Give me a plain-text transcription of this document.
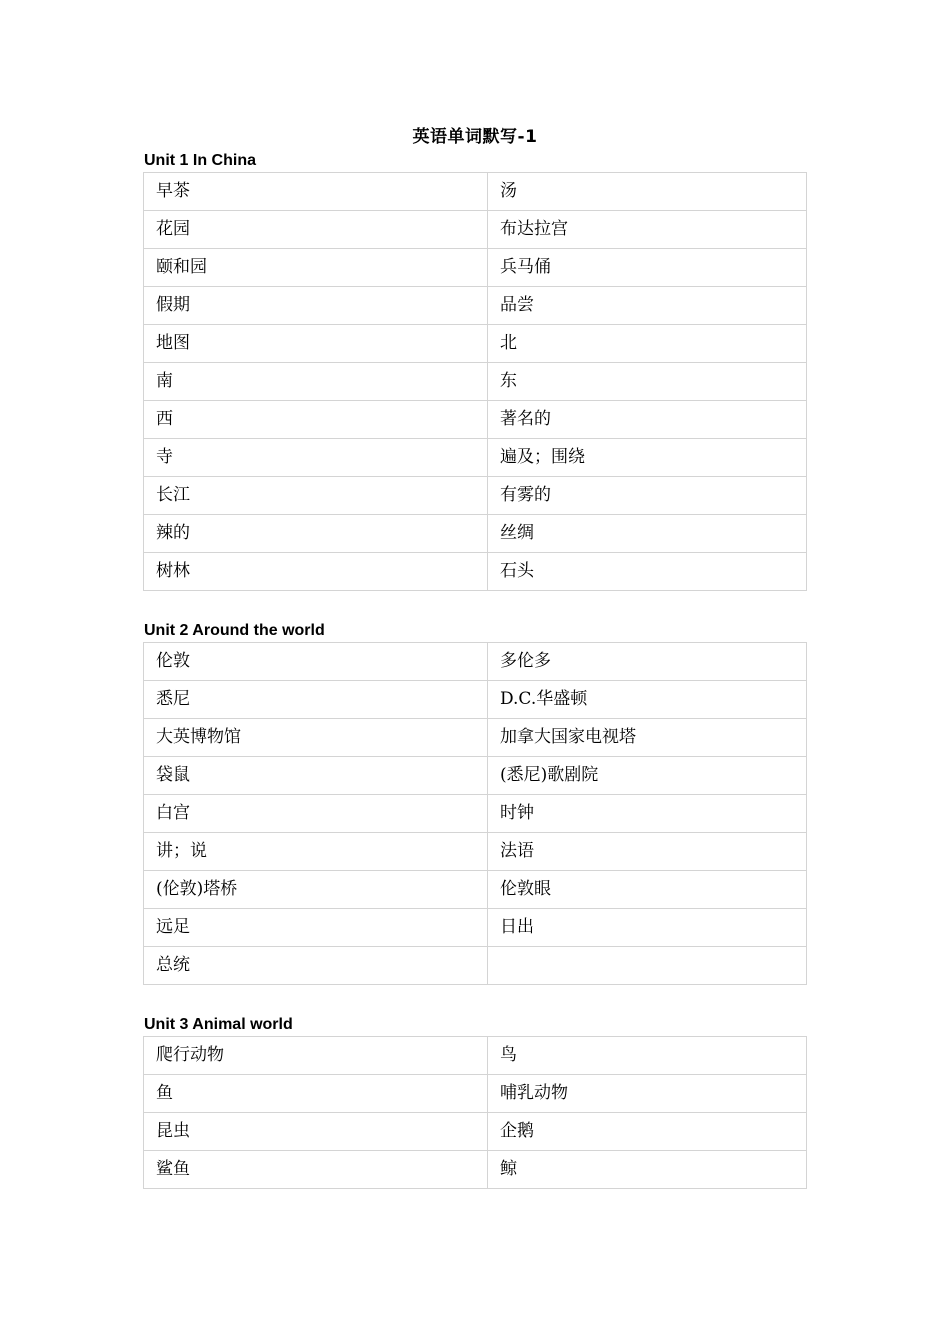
英语单词默写-1
Unit 1 In China
早茶	汤
花园	布达拉宫
颐和园	兵马俑
假期	品尝
地图	北
南	东
西	著名的
寺	遍及；围绕
长江	有雾的
辣的	丝绸
树林	石头
Unit 2 Around the world
伦敦	多伦多
悉尼	D.C.华盛顿
大英博物馆	加拿大国家电视塔
袋鼠	(悉尼)歌剧院
白宫	时钟
讲；说	法语
(伦敦)塔桥	伦敦眼
远足	日出
总统	
Unit 3 Animal world
爬行动物	鸟
鱼	哺乳动物
昆虫	企鹅
鲨鱼	鲸
